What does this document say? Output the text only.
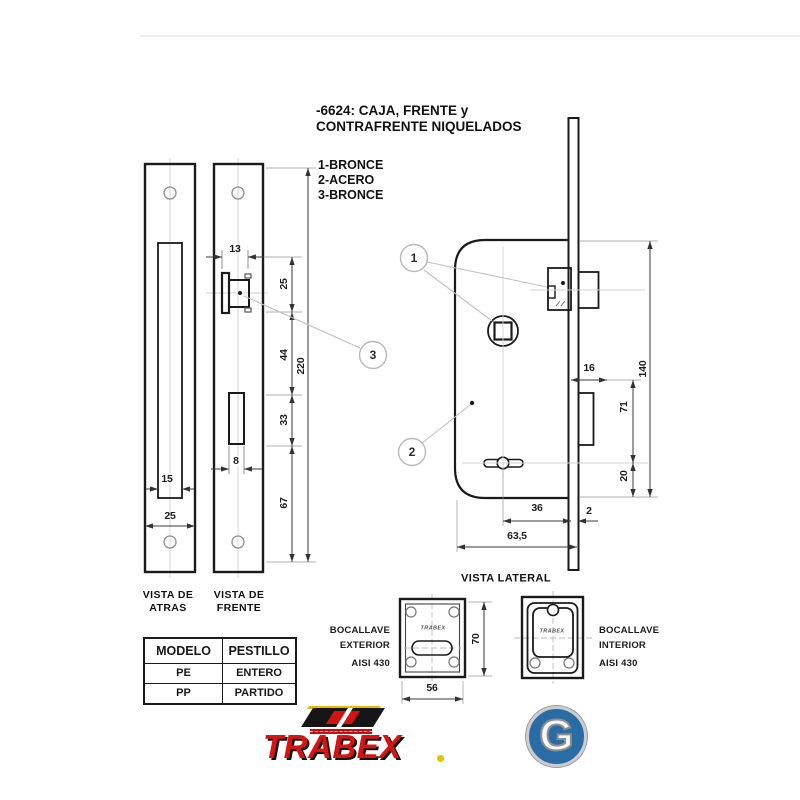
-6624: CAJA, FRENTE y
CONTRAFRENTE NIQUELADOS
1-BRONCE
2-ACERO
3-BRONCE
15
25
13
8
25
44
220
33
67
16	140
71
20
36	2
63,5
70
56
1
2
3
VISTA DE
ATRAS
VISTA DE
FRENTE
VISTA LATERAL
BOCALLAVE
EXTERIOR
AISI 430
BOCALLAVE
INTERIOR
AISI 430
TRABEX	TRABEX
MODELO	PESTILLO
PE	ENTERO
PP	PARTIDO
TRABEX	G
